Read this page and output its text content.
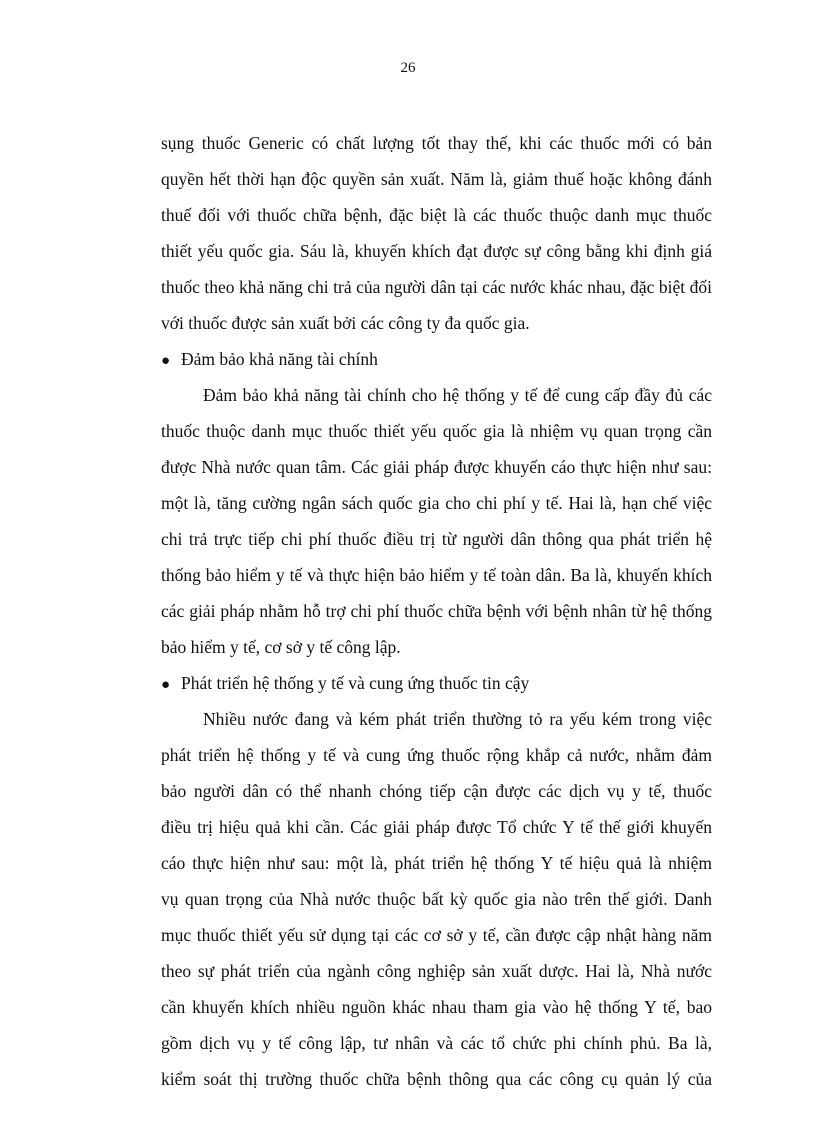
26
sụng thuốc Generic có chất lượng tốt thay thế, khi các thuốc mới có bản
quyền hết thời hạn độc quyền sản xuất. Năm là, giảm thuế hoặc không đánh
thuế đối với thuốc chữa bệnh, đặc biệt là các thuốc thuộc danh mục thuốc
thiết yếu quốc gia. Sáu là, khuyến khích đạt được sự công bằng khi định giá
thuốc theo khả năng chi trả của người dân tại các nước khác nhau, đặc biệt đối
với thuốc được sản xuất bởi các công ty đa quốc gia.
● Đảm bảo khả năng tài chính
Đảm bảo khả năng tài chính cho hệ thống y tế để cung cấp đầy đủ các
thuốc thuộc danh mục thuốc thiết yếu quốc gia là nhiệm vụ quan trọng cần
được Nhà nước quan tâm. Các giải pháp được khuyến cáo thực hiện như sau:
một là, tăng cường ngân sách quốc gia cho chi phí y tế. Hai là, hạn chế việc
chi trả trực tiếp chi phí thuốc điều trị từ người dân thông qua phát triển hệ
thống bảo hiểm y tế và thực hiện bảo hiểm y tế toàn dân. Ba là, khuyến khích
các giải pháp nhằm hỗ trợ chi phí thuốc chữa bệnh với bệnh nhân từ hệ thống
bảo hiểm y tế, cơ sở y tế công lập.
● Phát triển hệ thống y tế và cung ứng thuốc tin cậy
Nhiều nước đang và kém phát triển thường tỏ ra yếu kém trong việc
phát triển hệ thống y tế và cung ứng thuốc rộng khắp cả nước, nhằm đảm
bảo người dân có thể nhanh chóng tiếp cận được các dịch vụ y tế, thuốc
điều trị hiệu quả khi cần. Các giải pháp được Tổ chức Y tế thế giới khuyến
cáo thực hiện như sau: một là, phát triển hệ thống Y tế hiệu quả là nhiệm
vụ quan trọng của Nhà nước thuộc bất kỳ quốc gia nào trên thế giới. Danh
mục thuốc thiết yếu sử dụng tại các cơ sở y tế, cần được cập nhật hàng năm
theo sự phát triển của ngành công nghiệp sản xuất dược. Hai là, Nhà nước
cần khuyến khích nhiều nguồn khác nhau tham gia vào hệ thống Y tế, bao
gồm dịch vụ y tế công lập, tư nhân và các tổ chức phi chính phủ. Ba là,
kiểm soát thị trường thuốc chữa bệnh thông qua các công cụ quản lý của
